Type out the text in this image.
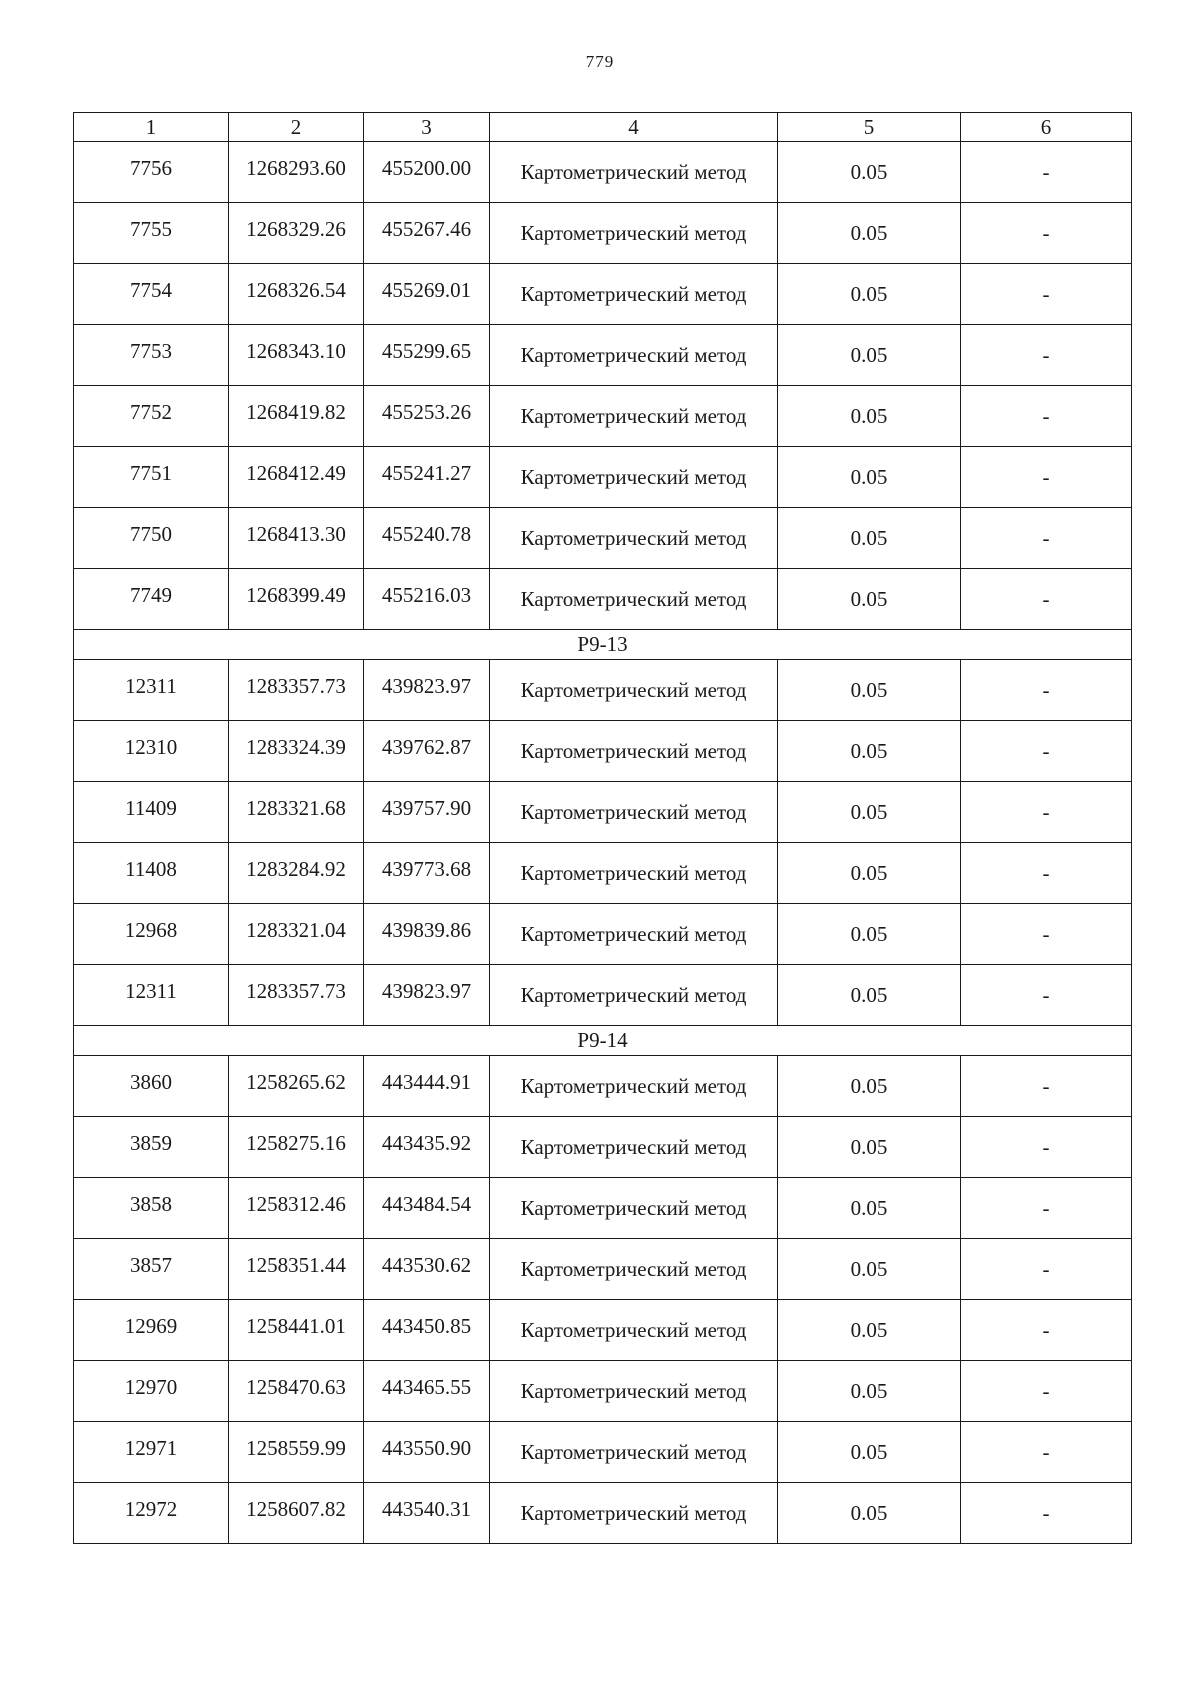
779
1	2	3	4	5	6

7756	1268293.60	455200.00	Картометрический метод	0.05	-

7755	1268329.26	455267.46	Картометрический метод	0.05	-

7754	1268326.54	455269.01	Картометрический метод	0.05	-

7753	1268343.10	455299.65	Картометрический метод	0.05	-

7752	1268419.82	455253.26	Картометрический метод	0.05	-

7751	1268412.49	455241.27	Картометрический метод	0.05	-

7750	1268413.30	455240.78	Картометрический метод	0.05	-

7749	1268399.49	455216.03	Картометрический метод	0.05	-

Р9-13					

12311	1283357.73	439823.97	Картометрический метод	0.05	-

12310	1283324.39	439762.87	Картометрический метод	0.05	-

11409	1283321.68	439757.90	Картометрический метод	0.05	-

11408	1283284.92	439773.68	Картометрический метод	0.05	-

12968	1283321.04	439839.86	Картометрический метод	0.05	-

12311	1283357.73	439823.97	Картометрический метод	0.05	-

Р9-14					

3860	1258265.62	443444.91	Картометрический метод	0.05	-

3859	1258275.16	443435.92	Картометрический метод	0.05	-

3858	1258312.46	443484.54	Картометрический метод	0.05	-

3857	1258351.44	443530.62	Картометрический метод	0.05	-

12969	1258441.01	443450.85	Картометрический метод	0.05	-

12970	1258470.63	443465.55	Картометрический метод	0.05	-

12971	1258559.99	443550.90	Картометрический метод	0.05	-

12972	1258607.82	443540.31	Картометрический метод	0.05	-
